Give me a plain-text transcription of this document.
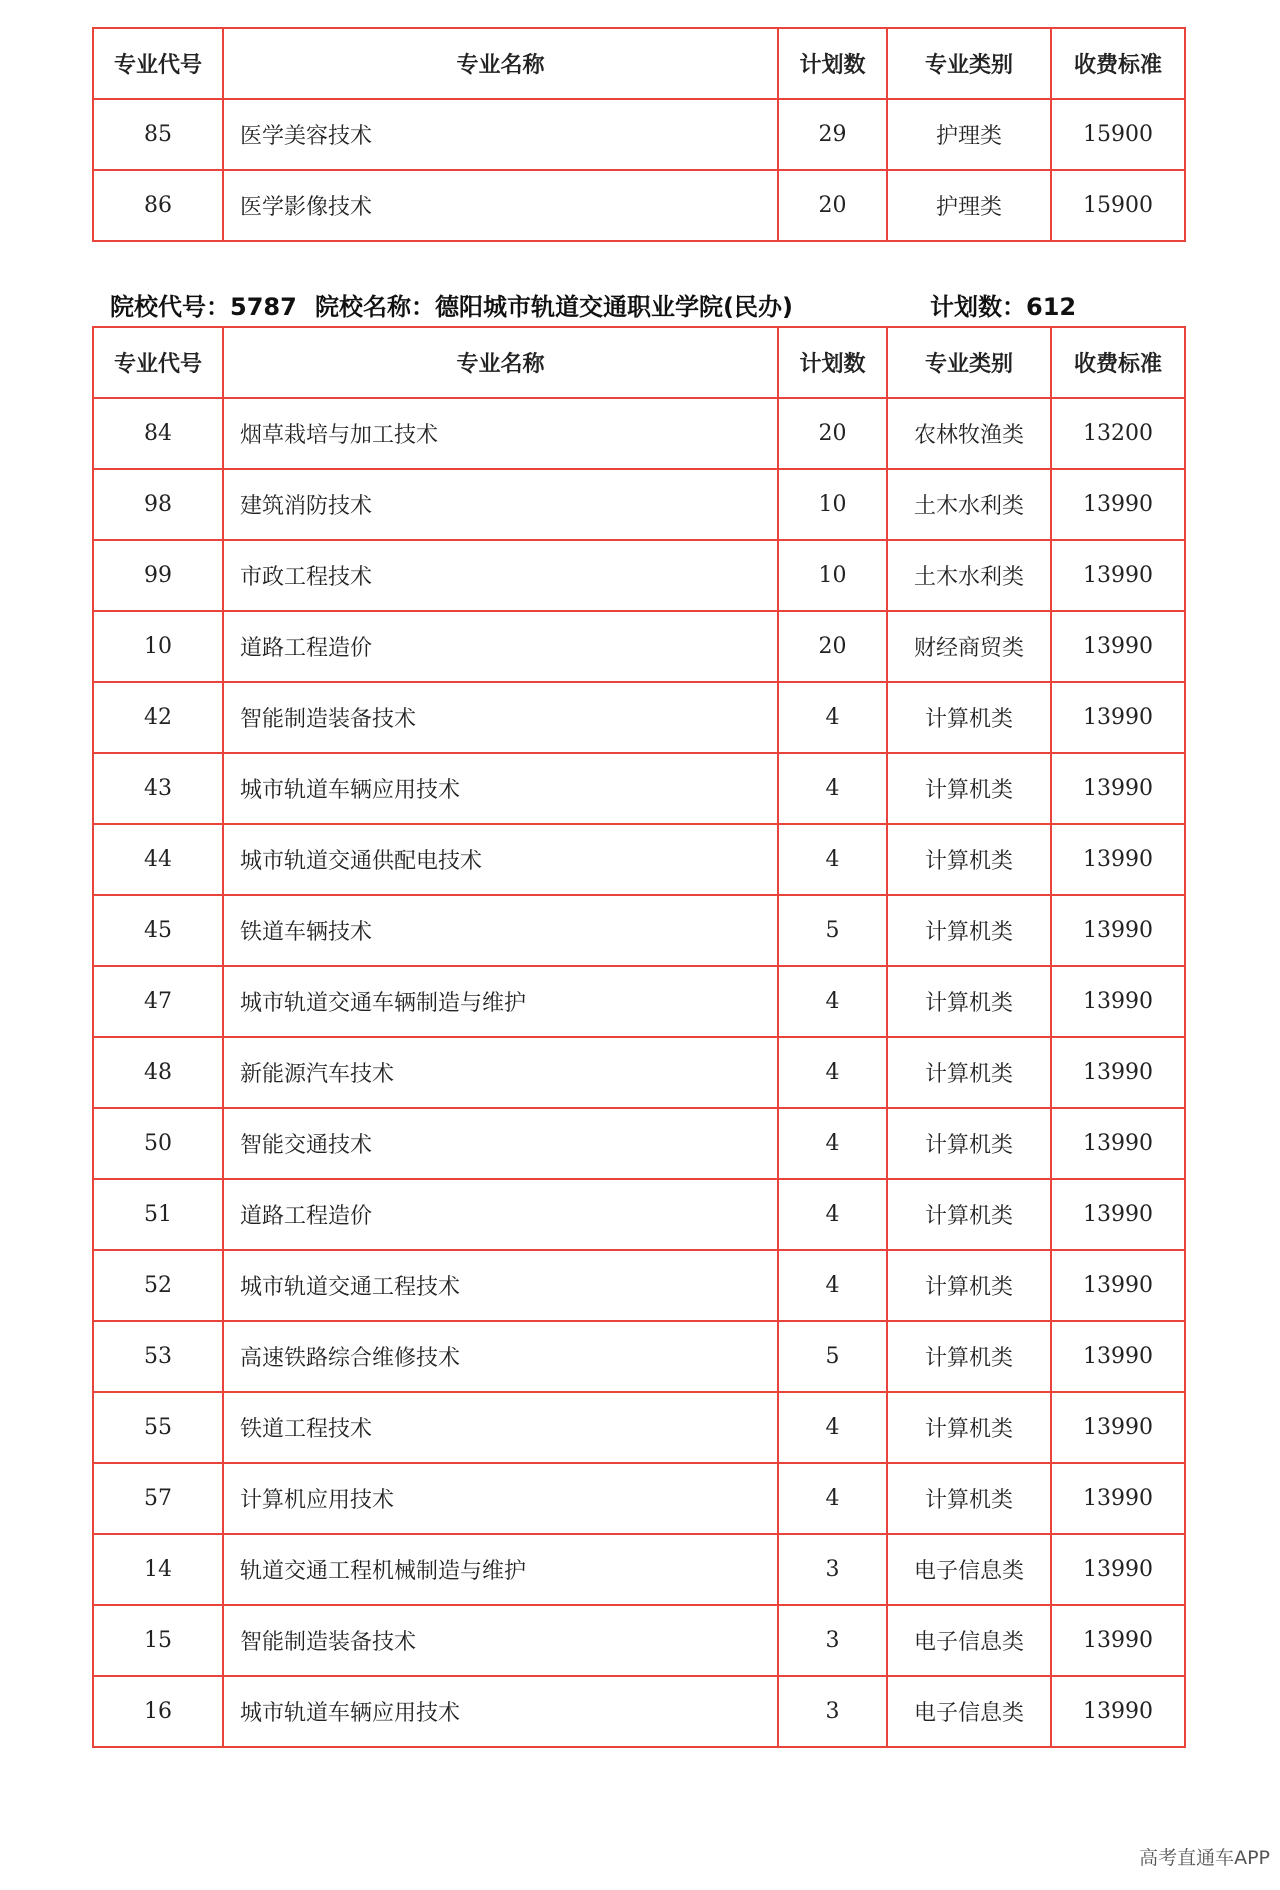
专业代号	专业名称	计划数	专业类别	收费标准
85	医学美容技术	29	护理类	15900
86	医学影像技术	20	护理类	15900
院校代号：5787 院校名称：德阳城市轨道交通职业学院(民办)	计划数：612
专业代号	专业名称	计划数	专业类别	收费标准
84	烟草栽培与加工技术	20	农林牧渔类	13200
98	建筑消防技术	10	土木水利类	13990
99	市政工程技术	10	土木水利类	13990
10	道路工程造价	20	财经商贸类	13990
42	智能制造装备技术	4	计算机类	13990
43	城市轨道车辆应用技术	4	计算机类	13990
44	城市轨道交通供配电技术	4	计算机类	13990
45	铁道车辆技术	5	计算机类	13990
47	城市轨道交通车辆制造与维护	4	计算机类	13990
48	新能源汽车技术	4	计算机类	13990
50	智能交通技术	4	计算机类	13990
51	道路工程造价	4	计算机类	13990
52	城市轨道交通工程技术	4	计算机类	13990
53	高速铁路综合维修技术	5	计算机类	13990
55	铁道工程技术	4	计算机类	13990
57	计算机应用技术	4	计算机类	13990
14	轨道交通工程机械制造与维护	3	电子信息类	13990
15	智能制造装备技术	3	电子信息类	13990
16	城市轨道车辆应用技术	3	电子信息类	13990
高考直通车APP
